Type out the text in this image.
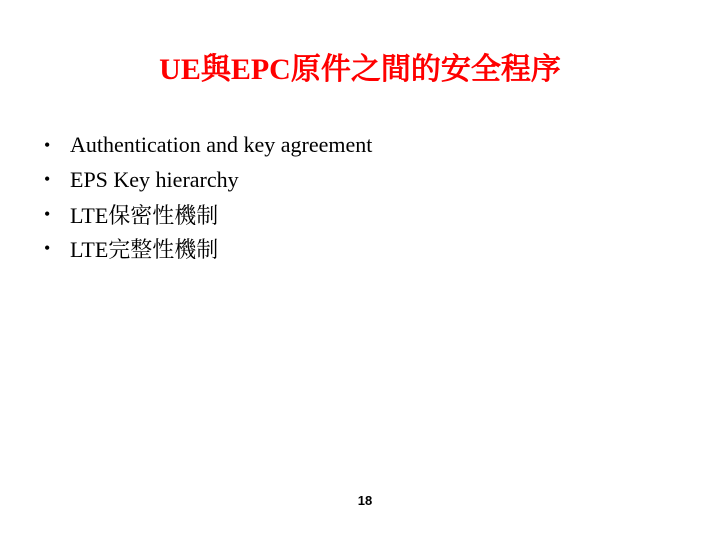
UE與EPC原件之間的安全程序
• Authentication and key agreement
• EPS Key hierarchy
• LTE保密性機制
• LTE完整性機制
18
